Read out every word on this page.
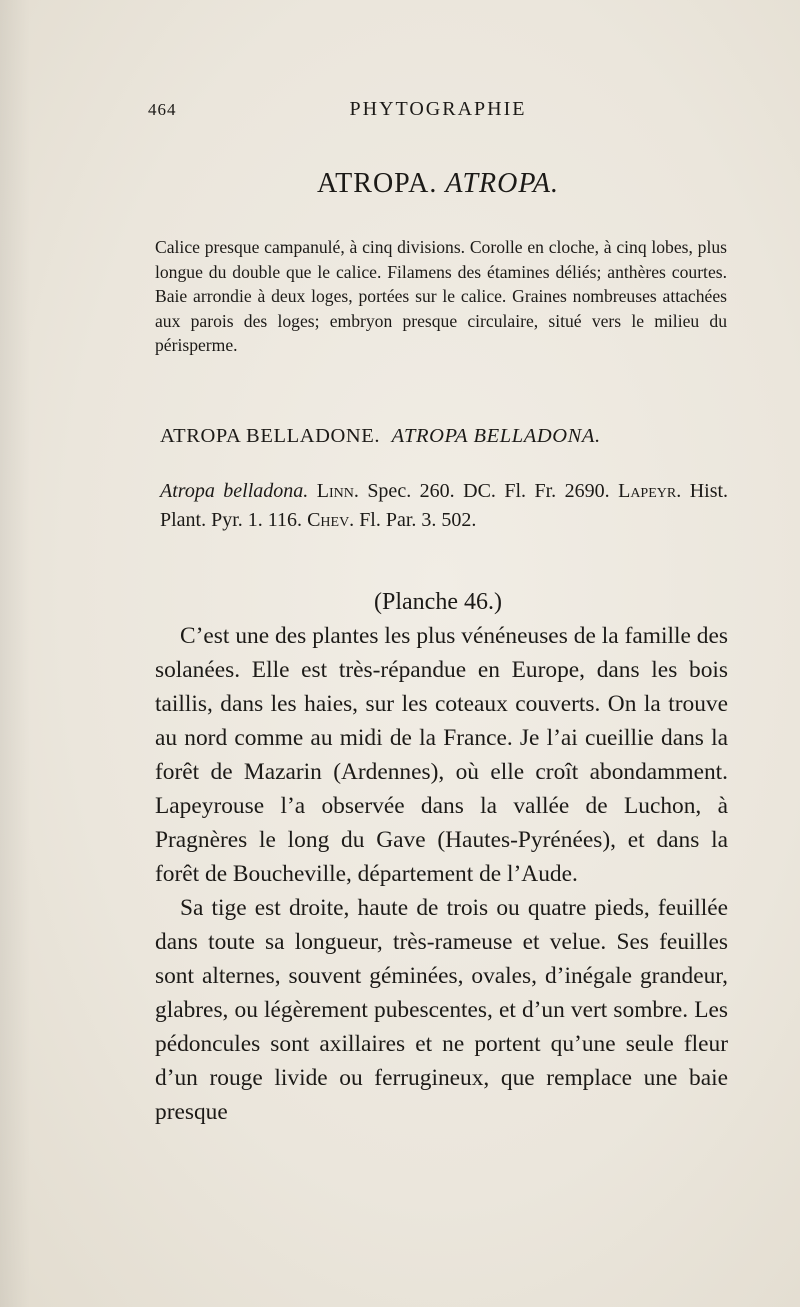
464	PHYTOGRAPHIE
ATROPA. ATROPA.

Calice presque campanulé, à cinq divisions. Corolle en cloche, à cinq lobes, plus longue du double que le calice. Filamens des étamines déliés; anthères courtes. Baie arrondie à deux loges, portées sur le calice. Graines nombreuses attachées aux parois des loges; embryon presque circulaire, situé vers le milieu du périsperme.

ATROPA BELLADONE. ATROPA BELLADONA.

Atropa belladona. Linn. Spec. 260. DC. Fl. Fr. 2690. Lapeyr. Hist. Plant. Pyr. 1. 116. Chev. Fl. Par. 3. 502.

(Planche 46.)

C’est une des plantes les plus vénéneuses de la famille des solanées. Elle est très-répandue en Europe, dans les bois taillis, dans les haies, sur les coteaux couverts. On la trouve au nord comme au midi de la France. Je l’ai cueillie dans la forêt de Mazarin (Ardennes), où elle croît abondamment. Lapeyrouse l’a observée dans la vallée de Luchon, à Pragnères le long du Gave (Hautes-Pyrénées), et dans la forêt de Boucheville, département de l’Aude.

Sa tige est droite, haute de trois ou quatre pieds, feuillée dans toute sa longueur, très-rameuse et velue. Ses feuilles sont alternes, souvent géminées, ovales, d’inégale grandeur, glabres, ou légèrement pubescentes, et d’un vert sombre. Les pédoncules sont axillaires et ne portent qu’une seule fleur d’un rouge livide ou ferrugineux, que remplace une baie presque
